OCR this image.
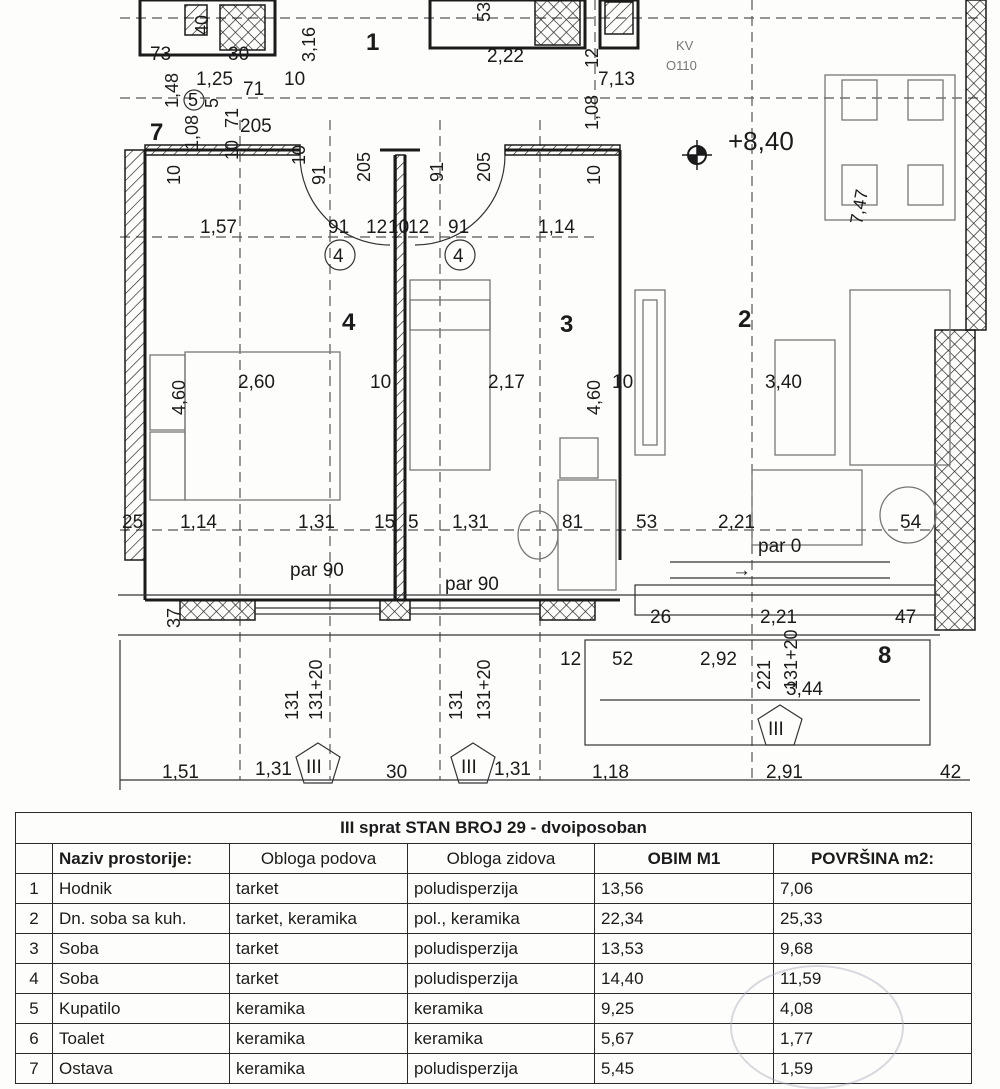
+8,40
KV
O110
1
2
3
4
7
8
4	4
III	III
III
5
40
53
73	30	3,16	2,22	12
1,48 1,25 71 10	7,13
1,08
1,08
5
71
205
10
10	10
91 205	91 205
10
7,47
1,57	91 12 10
12 91	1,14
4,60	2,60	10	2,17	4,60 10	3,40
25 1,14	1,31 15 5 1,31	81	53	2,21	54
par 90
par 90
par 0
→
37	26	2,21	47
12 52	2,92
221 131+20
3,44
131 131+20	131 131+20
1,51	1,31	30	1,31	1,18	2,91	42
III sprat STAN BROJ 29 - dvoiposoban					
	Naziv prostorije:	Obloga podova	Obloga zidova	OBIM M1	POVRŠINA m2:
1	Hodnik	tarket	poludisperzija	13,56	7,06
2	Dn. soba sa kuh.	tarket, keramika	pol., keramika	22,34	25,33
3	Soba	tarket	poludisperzija	13,53	9,68
4	Soba	tarket	poludisperzija	14,40	11,59
5	Kupatilo	keramika	keramika	9,25	4,08
6	Toalet	keramika	keramika	5,67	1,77
7	Ostava	keramika	poludisperzija	5,45	1,59
